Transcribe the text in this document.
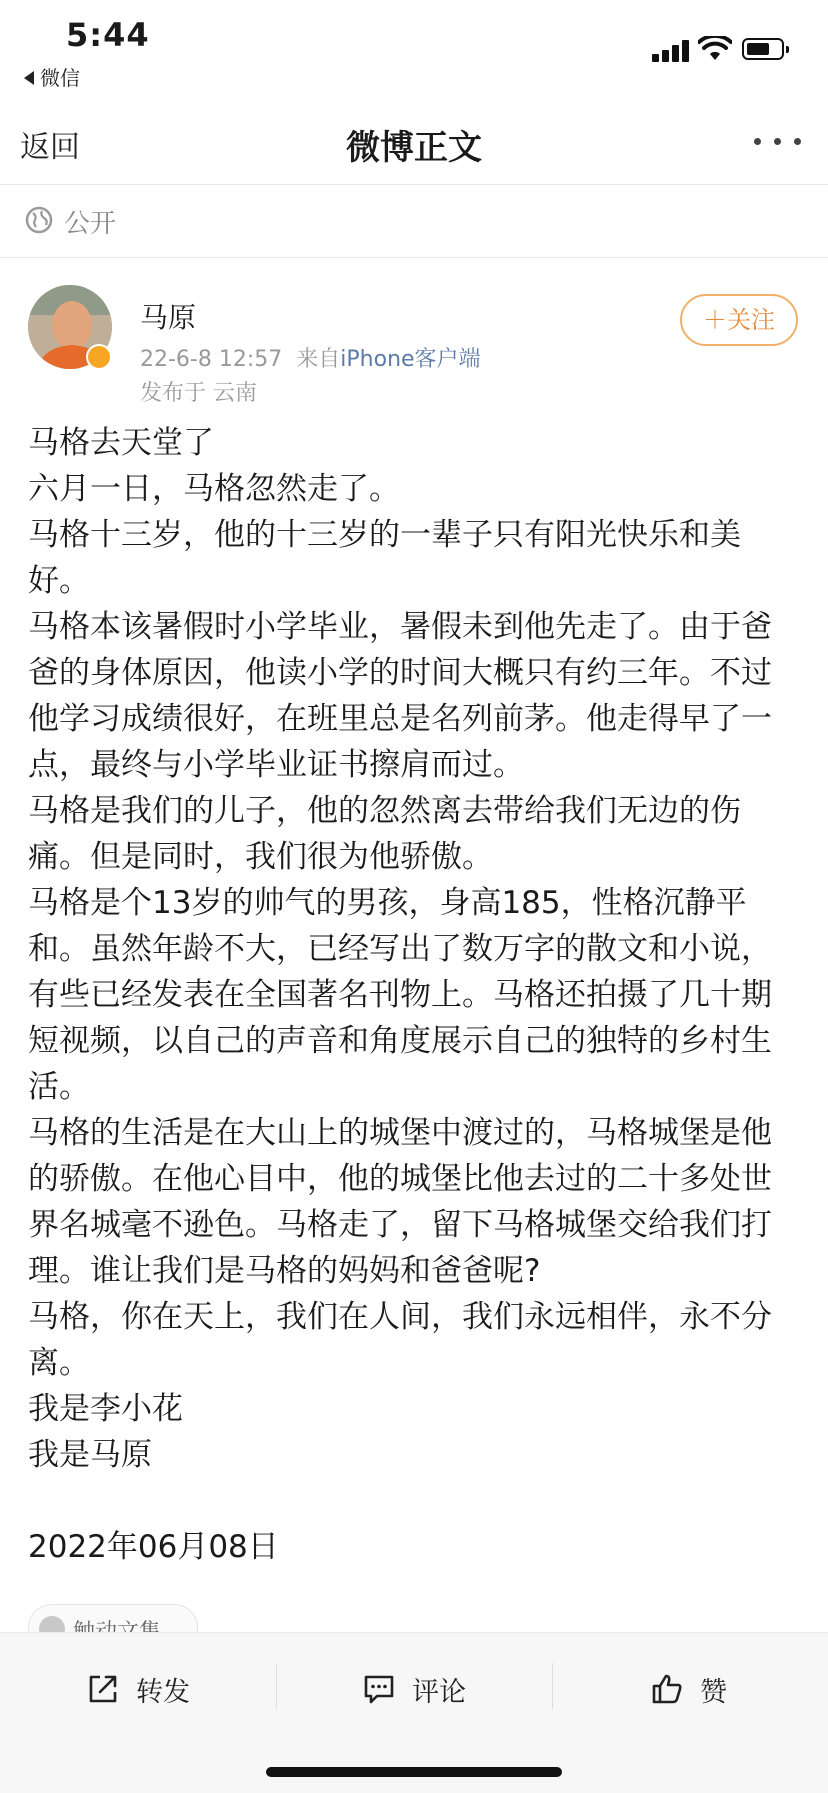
5:44
微信
返回	微博正文
公开
马原
22-6-8 12:57 来自iPhone客户端
发布于 云南
＋关注

马格去天堂了

六月一日，马格忽然走了。

马格十三岁，他的十三岁的一辈子只有阳光快乐和美好。

马格本该暑假时小学毕业，暑假未到他先走了。由于爸爸的身体原因，他读小学的时间大概只有约三年。不过他学习成绩很好，在班里总是名列前茅。他走得早了一点，最终与小学毕业证书擦肩而过。

马格是我们的儿子，他的忽然离去带给我们无边的伤痛。但是同时，我们很为他骄傲。

马格是个13岁的帅气的男孩，身高185，性格沉静平和。虽然年龄不大，已经写出了数万字的散文和小说，有些已经发表在全国著名刊物上。马格还拍摄了几十期短视频，以自己的声音和角度展示自己的独特的乡村生活。

马格的生活是在大山上的城堡中渡过的，马格城堡是他的骄傲。在他心目中，他的城堡比他去过的二十多处世界名城毫不逊色。马格走了，留下马格城堡交给我们打理。谁让我们是马格的妈妈和爸爸呢?

马格，你在天上，我们在人间，我们永远相伴，永不分离。

我是李小花

我是马原

2022年06月08日

转发	评论	赞
